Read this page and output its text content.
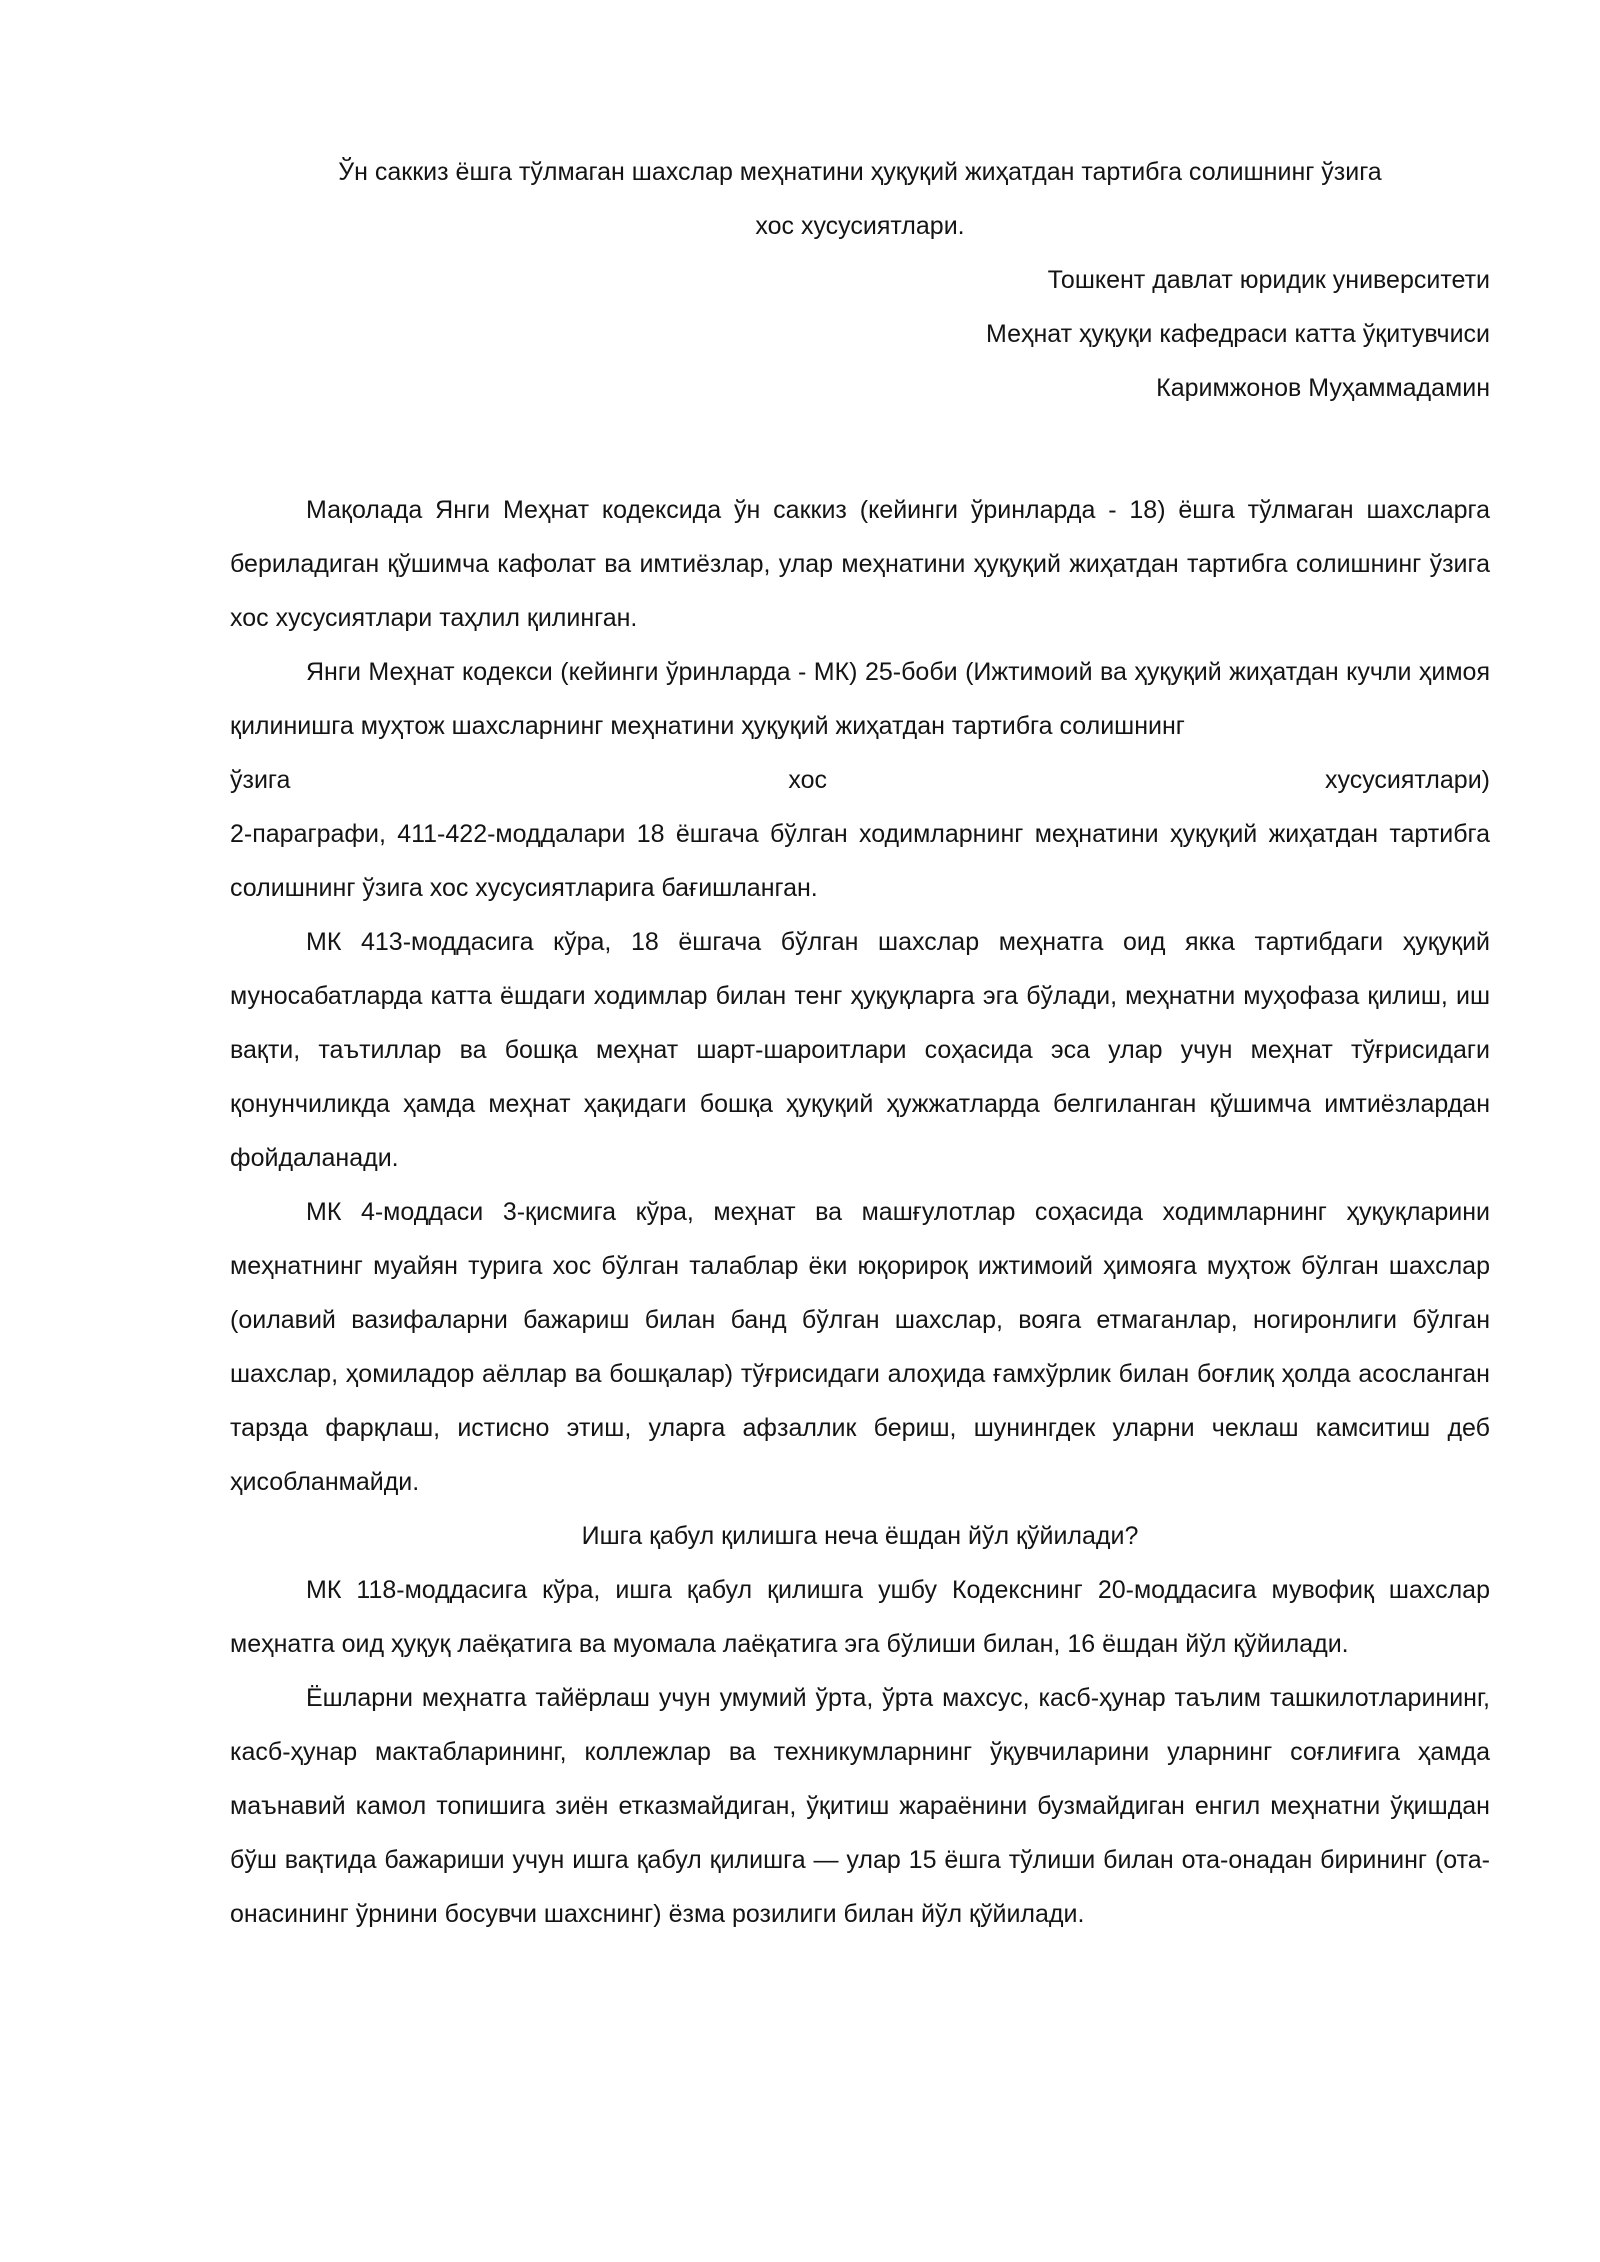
Ўн саккиз ёшга тўлмаган шахслар меҳнатини ҳуқуқий жиҳатдан тартибга солишнинг ўзига

хос хусусиятлари.

Тошкент давлат юридик университети

Меҳнат ҳуқуқи кафедраси катта ўқитувчиси

Каримжонов Муҳаммадамин

Мақолада Янги Меҳнат кодексида ўн саккиз (кейинги ўринларда - 18) ёшга тўлмаган шахсларга бериладиган қўшимча кафолат ва имтиёзлар, улар меҳнатини ҳуқуқий жиҳатдан тартибга солишнинг ўзига хос хусусиятлари таҳлил қилинган.

Янги Меҳнат кодекси (кейинги ўринларда - МК) 25-боби (Ижтимоий ва ҳуқуқий жиҳатдан кучли ҳимоя қилинишга муҳтож шахсларнинг меҳнатини ҳуқуқий жиҳатдан тартибга солишнинг

ўзига	хос	хусусиятлари)

2-параграфи, 411-422-моддалари 18 ёшгача бўлган ходимларнинг меҳнатини ҳуқуқий жиҳатдан тартибга солишнинг ўзига хос хусусиятларига бағишланган.

МК 413-моддасига кўра, 18 ёшгача бўлган шахслар меҳнатга оид якка тартибдаги ҳуқуқий муносабатларда катта ёшдаги ходимлар билан тенг ҳуқуқларга эга бўлади, меҳнатни муҳофаза қилиш, иш вақти, таътиллар ва бошқа меҳнат шарт-шароитлари соҳасида эса улар учун меҳнат тўғрисидаги қонунчиликда ҳамда меҳнат ҳақидаги бошқа ҳуқуқий ҳужжатларда белгиланган қўшимча имтиёзлардан фойдаланади.

МК 4-моддаси 3-қисмига кўра, меҳнат ва машғулотлар соҳасида ходимларнинг ҳуқуқларини меҳнатнинг муайян турига хос бўлган талаблар ёки юқорироқ ижтимоий ҳимояга муҳтож бўлган шахслар (оилавий вазифаларни бажариш билан банд бўлган шахслар, вояга етмаганлар, ногиронлиги бўлган шахслар, ҳомиладор аёллар ва бошқалар) тўғрисидаги алоҳида ғамхўрлик билан боғлиқ ҳолда асосланган тарзда фарқлаш, истисно этиш, уларга афзаллик бериш, шунингдек уларни чеклаш камситиш деб ҳисобланмайди.

Ишга қабул қилишга неча ёшдан йўл қўйилади?

МК 118-моддасига кўра, ишга қабул қилишга ушбу Кодекснинг 20-моддасига мувофиқ шахслар меҳнатга оид ҳуқуқ лаёқатига ва муомала лаёқатига эга бўлиши билан, 16 ёшдан йўл қўйилади.

Ёшларни меҳнатга тайёрлаш учун умумий ўрта, ўрта махсус, касб-ҳунар таълим ташкилотларининг, касб-ҳунар мактабларининг, коллежлар ва техникумларнинг ўқувчиларини уларнинг соғлиғига ҳамда маънавий камол топишига зиён етказмайдиган, ўқитиш жараёнини бузмайдиган енгил меҳнатни ўқишдан бўш вақтида бажариши учун ишга қабул қилишга — улар 15 ёшга тўлиши билан ота-онадан бирининг (ота-онасининг ўрнини босувчи шахснинг) ёзма розилиги билан йўл қўйилади.
